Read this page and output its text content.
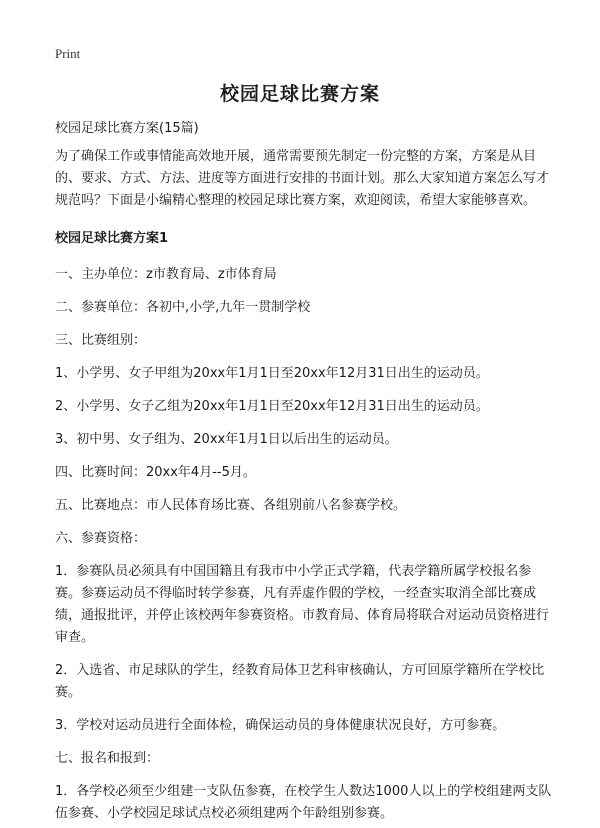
Print
校园足球比赛方案

校园足球比赛方案(15篇)

为了确保工作或事情能高效地开展，通常需要预先制定一份完整的方案，方案是从目的、要求、方式、方法、进度等方面进行安排的书面计划。那么大家知道方案怎么写才规范吗？下面是小编精心整理的校园足球比赛方案，欢迎阅读，希望大家能够喜欢。

校园足球比赛方案1

一、主办单位：z市教育局、z市体育局

二、参赛单位：各初中,小学,九年一贯制学校

三、比赛组别：

1、小学男、女子甲组为20xx年1月1日至20xx年12月31日出生的运动员。

2、小学男、女子乙组为20xx年1月1日至20xx年12月31日出生的运动员。

3、初中男、女子组为、20xx年1月1日以后出生的运动员。

四、比赛时间：20xx年4月--5月。

五、比赛地点：市人民体育场比赛、各组别前八名参赛学校。

六、参赛资格：

1．参赛队员必须具有中国国籍且有我市中小学正式学籍，代表学籍所属学校报名参赛。参赛运动员不得临时转学参赛，凡有弄虚作假的学校，一经查实取消全部比赛成绩，通报批评，并停止该校两年参赛资格。市教育局、体育局将联合对运动员资格进行审查。

2．入选省、市足球队的学生，经教育局体卫艺科审核确认，方可回原学籍所在学校比赛。

3．学校对运动员进行全面体检，确保运动员的身体健康状况良好，方可参赛。

七、报名和报到：

1．各学校必须至少组建一支队伍参赛，在校学生人数达1000人以上的学校组建两支队伍参赛、小学校园足球试点校必须组建两个年龄组别参赛。
